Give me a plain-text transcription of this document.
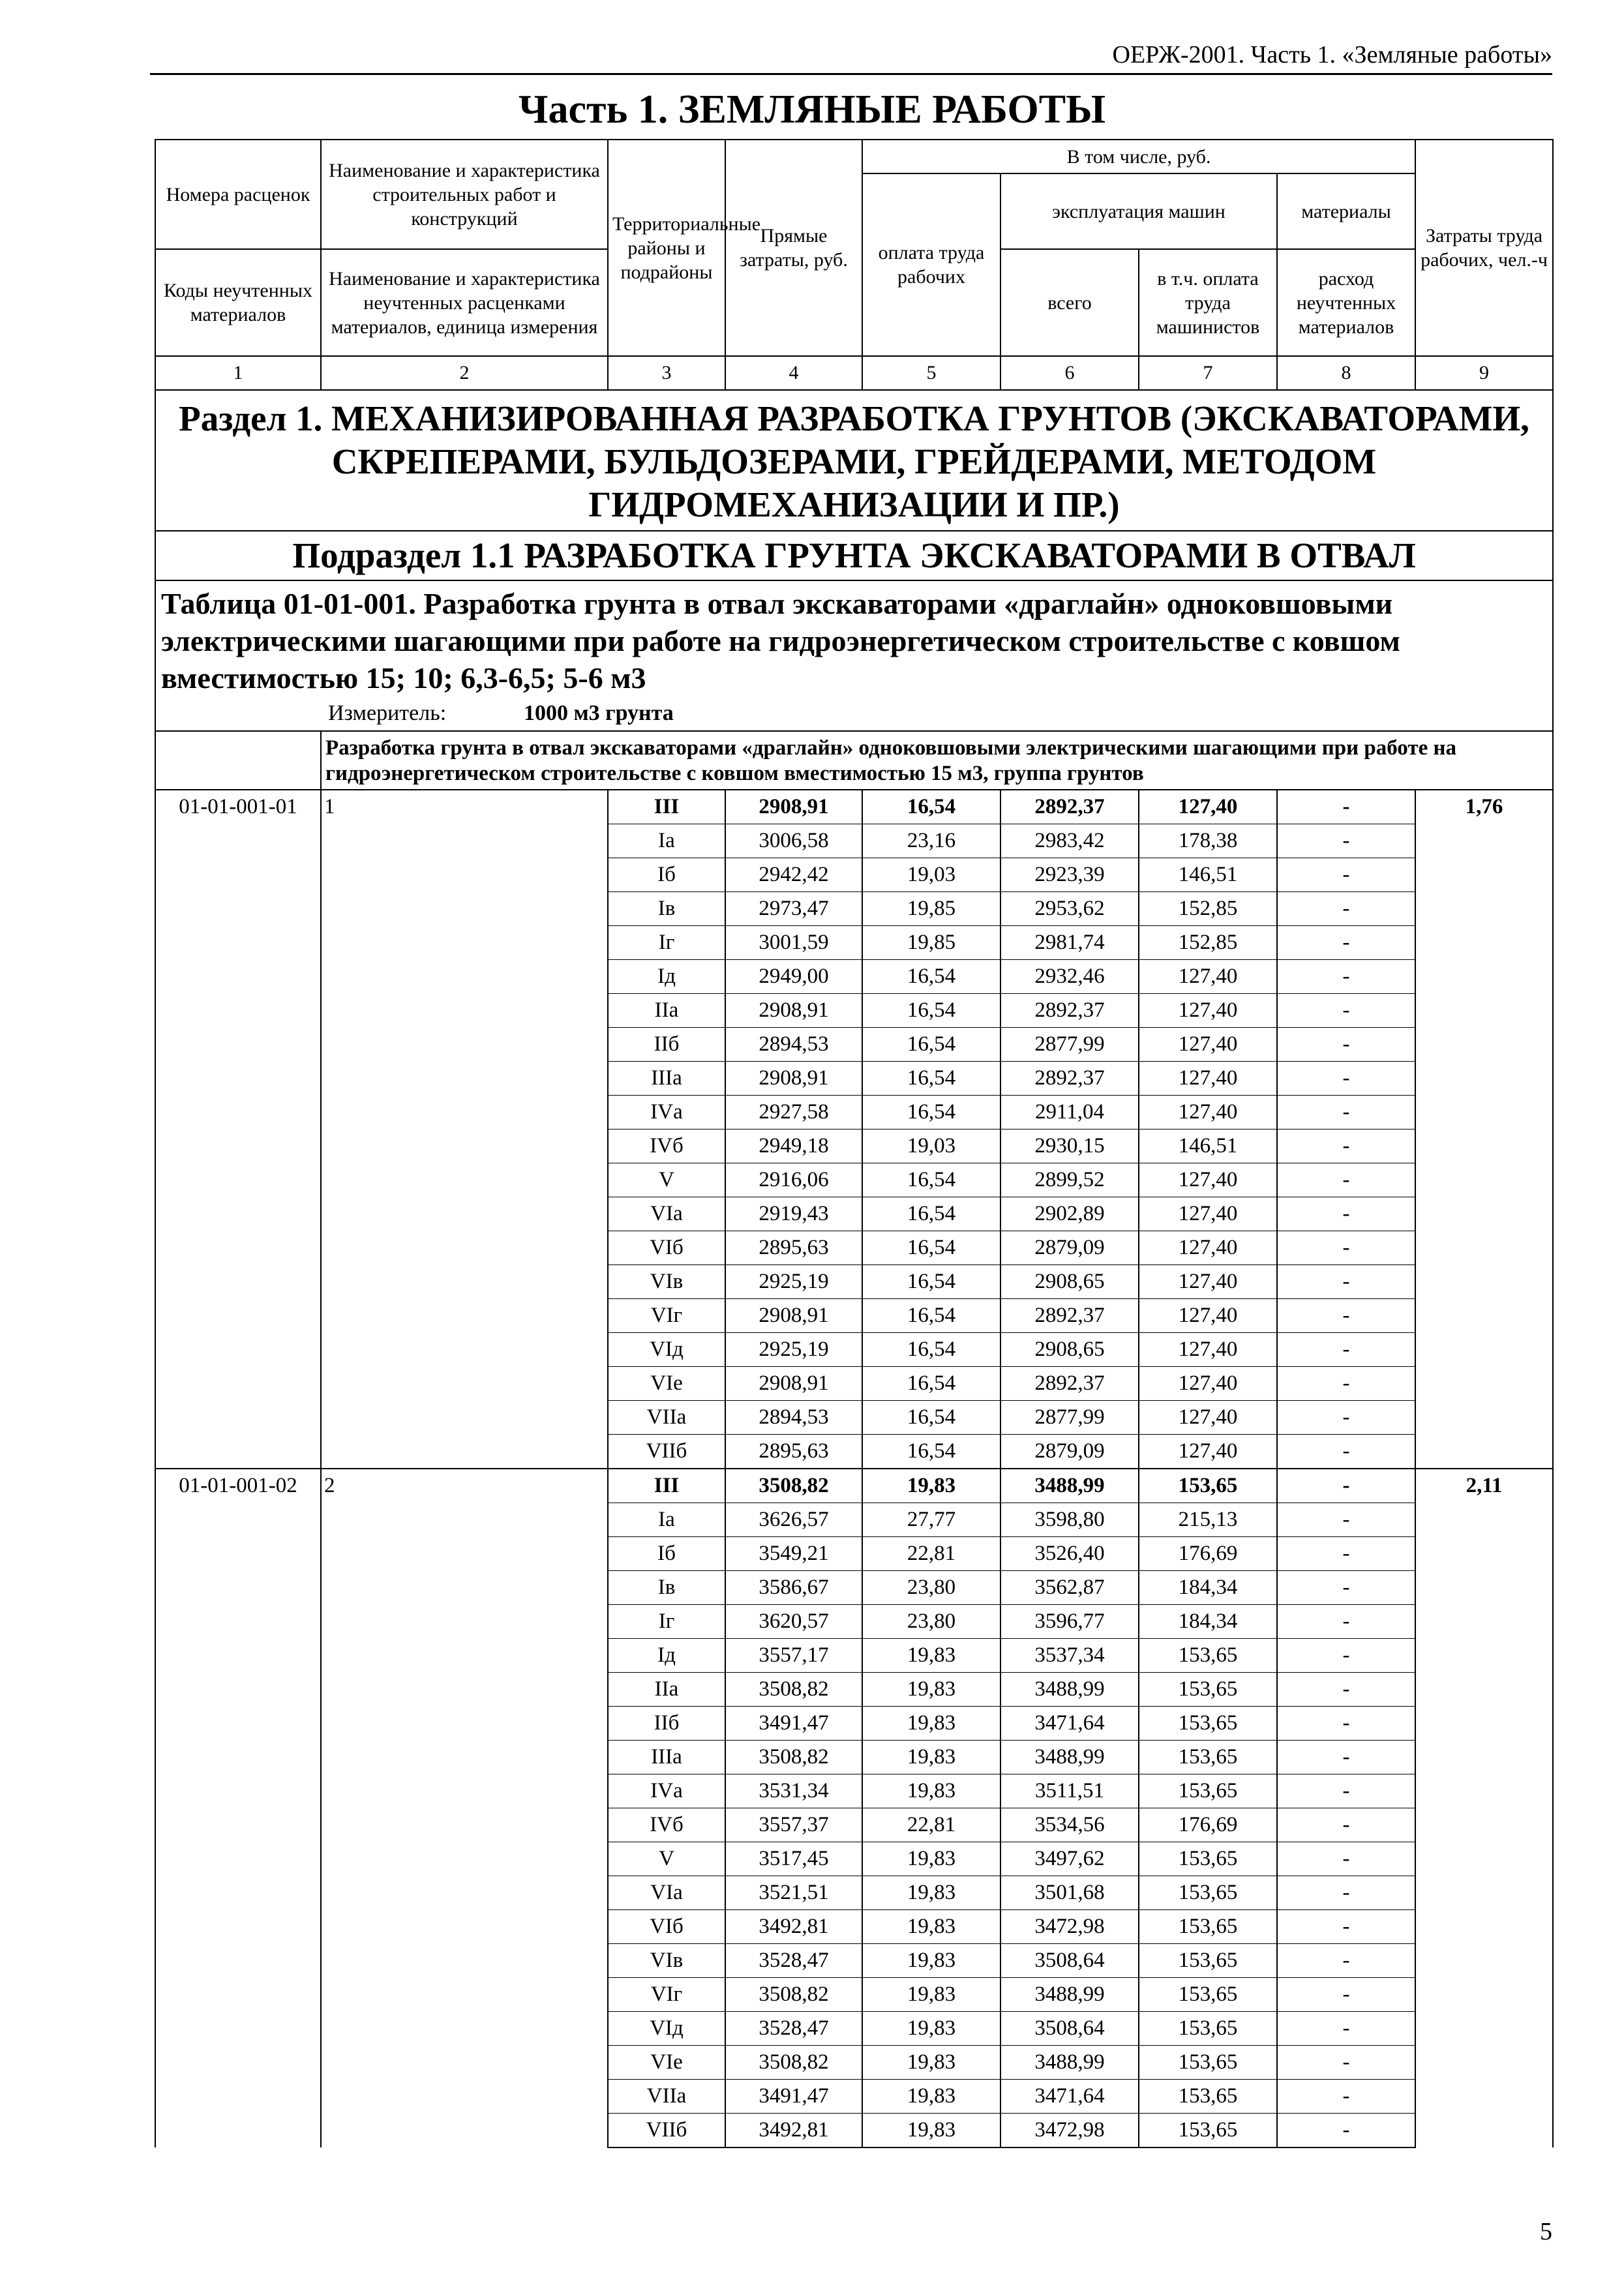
ОЕРЖ-2001. Часть 1. «Земляные работы»
Часть 1. ЗЕМЛЯНЫЕ РАБОТЫ
Номера расценок	Наименование и характеристика строительных работ и конструкций	Территориальные районы и подрайоны	Прямые затраты, руб.	В том числе, руб.				Затраты труда рабочих, чел.-ч
				оплата труда рабочих	эксплуатация машин		материалы	
Коды неучтенных материалов	Наименование и характеристика неучтенных расценками материалов, единица измерения				всего	в т.ч. оплата труда машинистов	расход неучтенных материалов	

1	2	3	4	5	6	7	8	9
Раздел 1. МЕХАНИЗИРОВАННАЯ РАЗРАБОТКА ГРУНТОВ (ЭКСКАВАТОРАМИ, СКРЕПЕРАМИ, БУЛЬДОЗЕРАМИ, ГРЕЙДЕРАМИ, МЕТОДОМ ГИДРОМЕХАНИЗАЦИИ И ПР.)								
Подраздел 1.1 РАЗРАБОТКА ГРУНТА ЭКСКАВАТОРАМИ В ОТВАЛ								

Таблица 01-01-001. Разработка грунта в отвал экскаваторами «драглайн» одноковшовыми электрическими шагающими при работе на гидроэнергетическом строительстве с ковшом вместимостью 15; 10; 6,3-6,5; 5-6 м3
Измеритель: 1000 м3 грунта								

	Разработка грунта в отвал экскаваторами «драглайн» одноковшовыми электрическими шагающими при работе на гидроэнергетическом строительстве с ковшом вместимостью 15 м3, группа грунтов							
01-01-001-01	1	III	2908,91	16,54	2892,37	127,40	-	1,76
		Iа	3006,58	23,16	2983,42	178,38	-	
		Iб	2942,42	19,03	2923,39	146,51	-	
		Iв	2973,47	19,85	2953,62	152,85	-	
		Iг	3001,59	19,85	2981,74	152,85	-	
		Iд	2949,00	16,54	2932,46	127,40	-	
		IIа	2908,91	16,54	2892,37	127,40	-	
		IIб	2894,53	16,54	2877,99	127,40	-	
		IIIа	2908,91	16,54	2892,37	127,40	-	
		IVа	2927,58	16,54	2911,04	127,40	-	
		IVб	2949,18	19,03	2930,15	146,51	-	
		V	2916,06	16,54	2899,52	127,40	-	
		VIа	2919,43	16,54	2902,89	127,40	-	
		VIб	2895,63	16,54	2879,09	127,40	-	
		VIв	2925,19	16,54	2908,65	127,40	-	
		VIг	2908,91	16,54	2892,37	127,40	-	
		VIд	2925,19	16,54	2908,65	127,40	-	
		VIе	2908,91	16,54	2892,37	127,40	-	
		VIIа	2894,53	16,54	2877,99	127,40	-	
		VIIб	2895,63	16,54	2879,09	127,40	-	
01-01-001-02	2	III	3508,82	19,83	3488,99	153,65	-	2,11
		Iа	3626,57	27,77	3598,80	215,13	-	
		Iб	3549,21	22,81	3526,40	176,69	-	
		Iв	3586,67	23,80	3562,87	184,34	-	
		Iг	3620,57	23,80	3596,77	184,34	-	
		Iд	3557,17	19,83	3537,34	153,65	-	
		IIа	3508,82	19,83	3488,99	153,65	-	
		IIб	3491,47	19,83	3471,64	153,65	-	
		IIIа	3508,82	19,83	3488,99	153,65	-	
		IVа	3531,34	19,83	3511,51	153,65	-	
		IVб	3557,37	22,81	3534,56	176,69	-	
		V	3517,45	19,83	3497,62	153,65	-	
		VIа	3521,51	19,83	3501,68	153,65	-	
		VIб	3492,81	19,83	3472,98	153,65	-	
		VIв	3528,47	19,83	3508,64	153,65	-	
		VIг	3508,82	19,83	3488,99	153,65	-	
		VIд	3528,47	19,83	3508,64	153,65	-	
		VIе	3508,82	19,83	3488,99	153,65	-	
		VIIа	3491,47	19,83	3471,64	153,65	-	
		VIIб	3492,81	19,83	3472,98	153,65	-	
5
